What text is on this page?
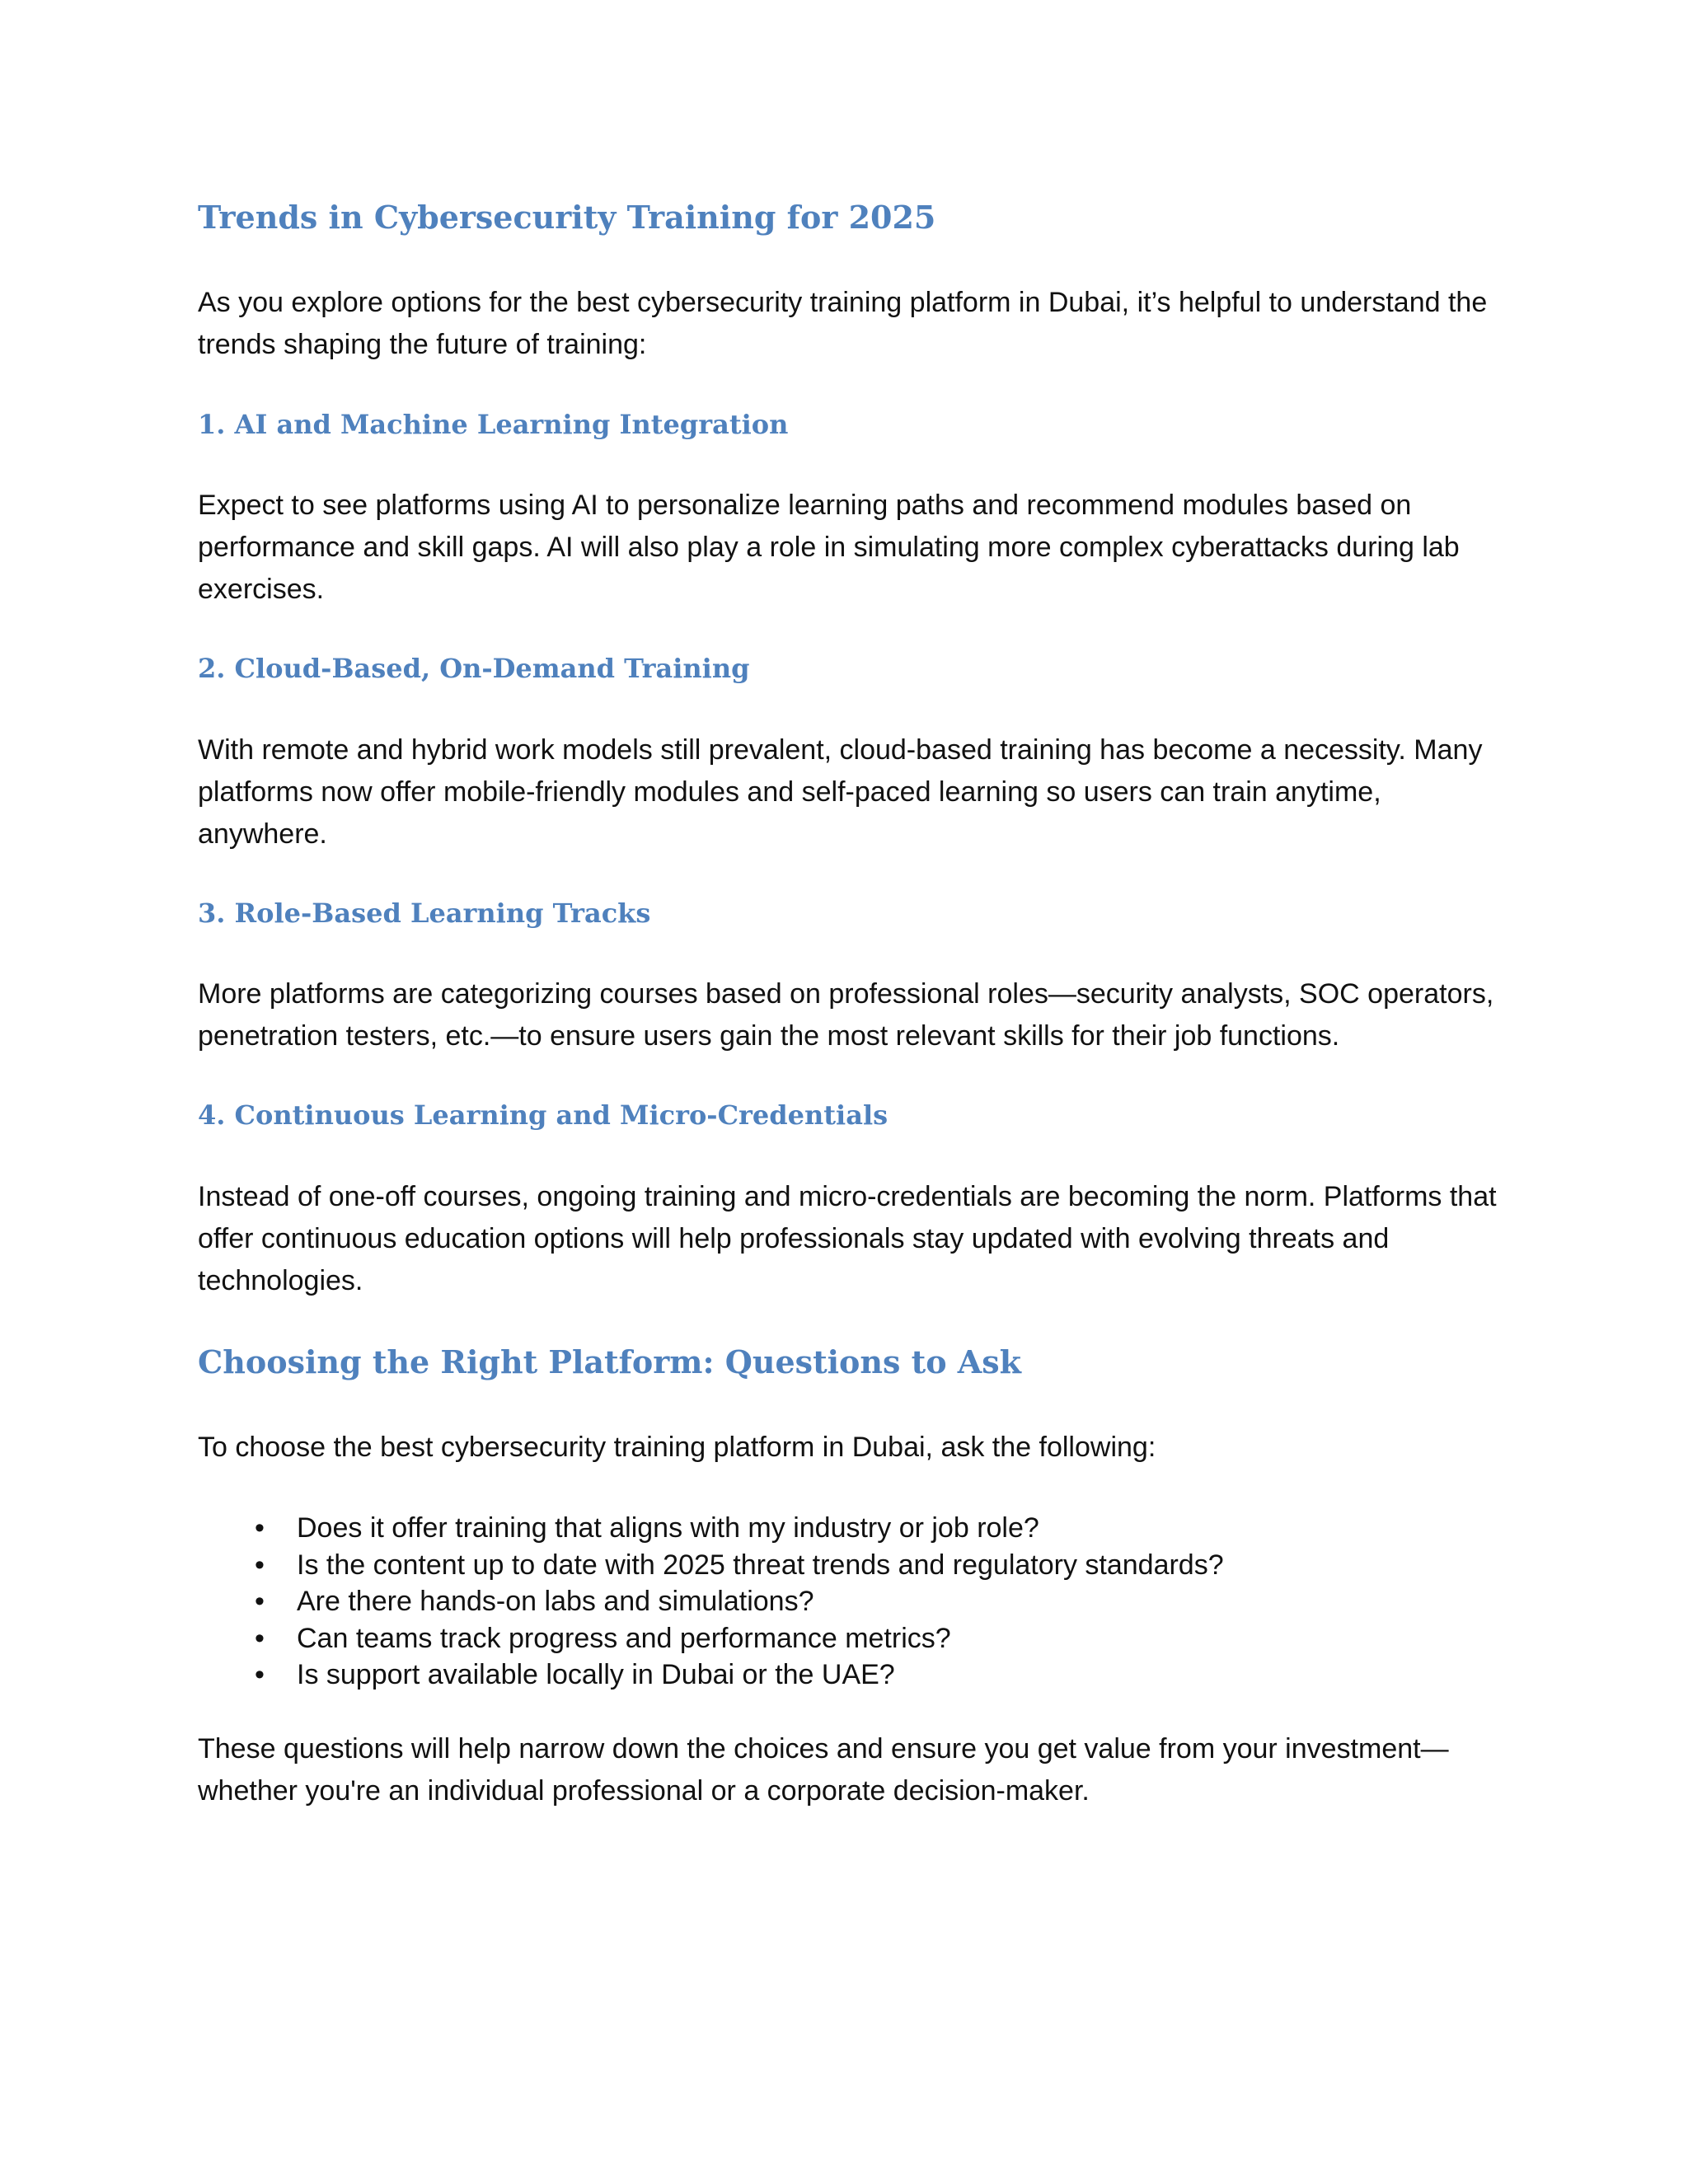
Trends in Cybersecurity Training for 2025

As you explore options for the best cybersecurity training platform in Dubai, it’s helpful to understand the trends shaping the future of training:

1. AI and Machine Learning Integration

Expect to see platforms using AI to personalize learning paths and recommend modules based on performance and skill gaps. AI will also play a role in simulating more complex cyberattacks during lab exercises.

2. Cloud-Based, On-Demand Training

With remote and hybrid work models still prevalent, cloud-based training has become a necessity. Many platforms now offer mobile-friendly modules and self-paced learning so users can train anytime, anywhere.

3. Role-Based Learning Tracks

More platforms are categorizing courses based on professional roles—security analysts, SOC operators, penetration testers, etc.—to ensure users gain the most relevant skills for their job functions.

4. Continuous Learning and Micro-Credentials

Instead of one-off courses, ongoing training and micro-credentials are becoming the norm. Platforms that offer continuous education options will help professionals stay updated with evolving threats and technologies.

Choosing the Right Platform: Questions to Ask

To choose the best cybersecurity training platform in Dubai, ask the following:

• Does it offer training that aligns with my industry or job role?
• Is the content up to date with 2025 threat trends and regulatory standards?
• Are there hands-on labs and simulations?
• Can teams track progress and performance metrics?
• Is support available locally in Dubai or the UAE?

These questions will help narrow down the choices and ensure you get value from your investment—whether you're an individual professional or a corporate decision-maker.
